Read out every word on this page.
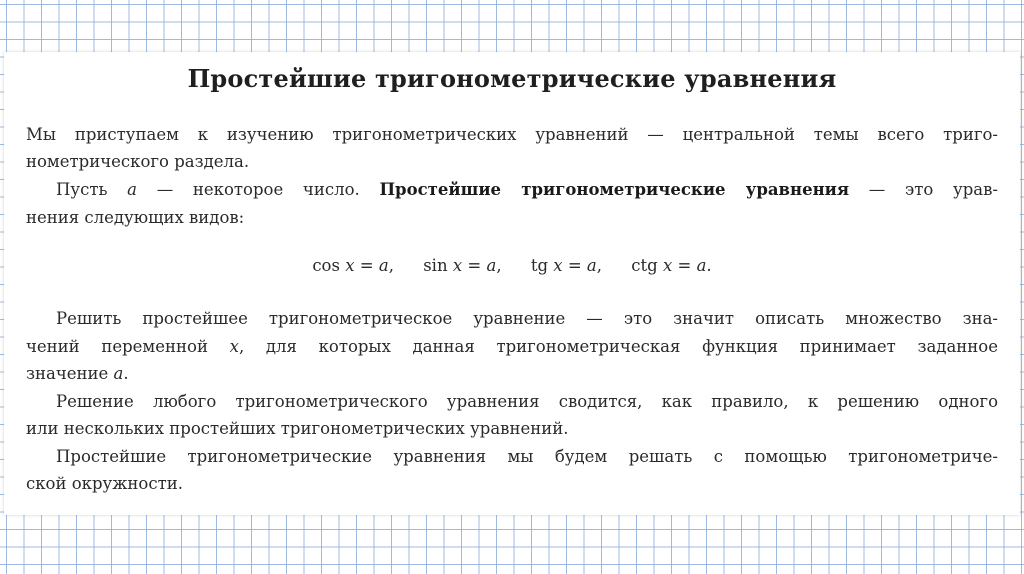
Простейшие тригонометрические уравнения
Мы приступаем к изучению тригонометрических уравнений — центральной темы всего триго-
нометрического раздела.
Пусть a — некоторое число. Простейшие тригонометрические уравнения — это урав-
нения следующих видов:
cos x = a, sin x = a, tg x = a, ctg x = a.
Решить простейшее тригонометрическое уравнение — это значит описать множество зна-
чений переменной x, для которых данная тригонометрическая функция принимает заданное
значение a.
Решение любого тригонометрического уравнения сводится, как правило, к решению одного
или нескольких простейших тригонометрических уравнений.
Простейшие тригонометрические уравнения мы будем решать с помощью тригонометриче-
ской окружности.
